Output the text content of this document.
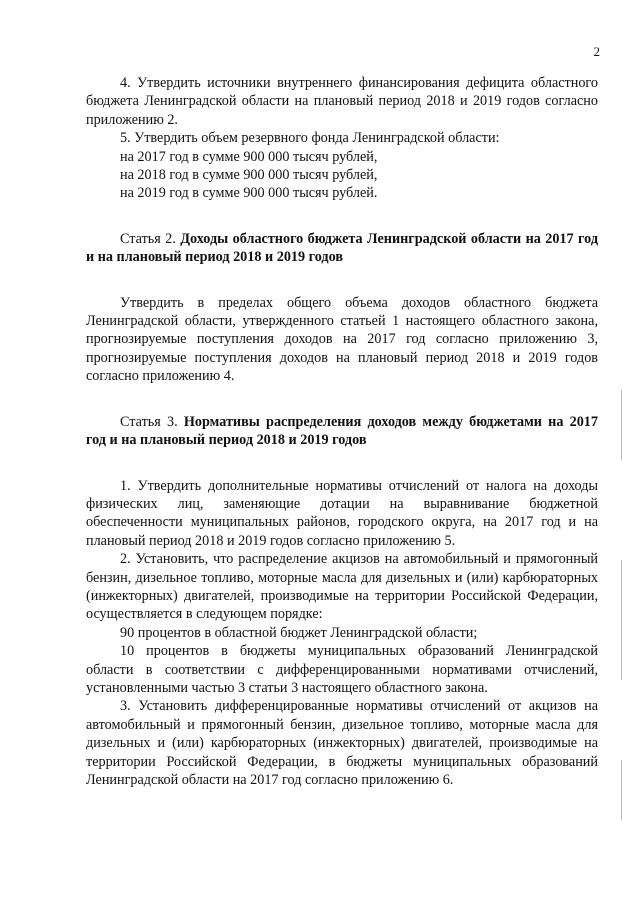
2

4. Утвердить источники внутреннего финансирования дефицита областного бюджета Ленинградской области на плановый период 2018 и 2019 годов согласно приложению 2.

5. Утвердить объем резервного фонда Ленинградской области:

на 2017 год в сумме 900 000 тысяч рублей,

на 2018 год в сумме 900 000 тысяч рублей,

на 2019 год в сумме 900 000 тысяч рублей.

Статья 2. Доходы областного бюджета Ленинградской области на 2017 год и на плановый период 2018 и 2019 годов

Утвердить в пределах общего объема доходов областного бюджета Ленинградской области, утвержденного статьей 1 настоящего областного закона, прогнозируемые поступления доходов на 2017 год согласно приложению 3, прогнозируемые поступления доходов на плановый период 2018 и 2019 годов согласно приложению 4.

Статья 3. Нормативы распределения доходов между бюджетами на 2017 год и на плановый период 2018 и 2019 годов

1. Утвердить дополнительные нормативы отчислений от налога на доходы физических лиц, заменяющие дотации на выравнивание бюджетной обеспеченности муниципальных районов, городского округа, на 2017 год и на плановый период 2018 и 2019 годов согласно приложению 5.

2. Установить, что распределение акцизов на автомобильный и прямогонный бензин, дизельное топливо, моторные масла для дизельных и (или) карбюраторных (инжекторных) двигателей, производимые на территории Российской Федерации, осуществляется в следующем порядке:

90 процентов в областной бюджет Ленинградской области;

10 процентов в бюджеты муниципальных образований Ленинградской области в соответствии с дифференцированными нормативами отчислений, установленными частью 3 статьи 3 настоящего областного закона.

3. Установить дифференцированные нормативы отчислений от акцизов на автомобильный и прямогонный бензин, дизельное топливо, моторные масла для дизельных и (или) карбюраторных (инжекторных) двигателей, производимые на территории Российской Федерации, в бюджеты муниципальных образований Ленинградской области на 2017 год согласно приложению 6.
